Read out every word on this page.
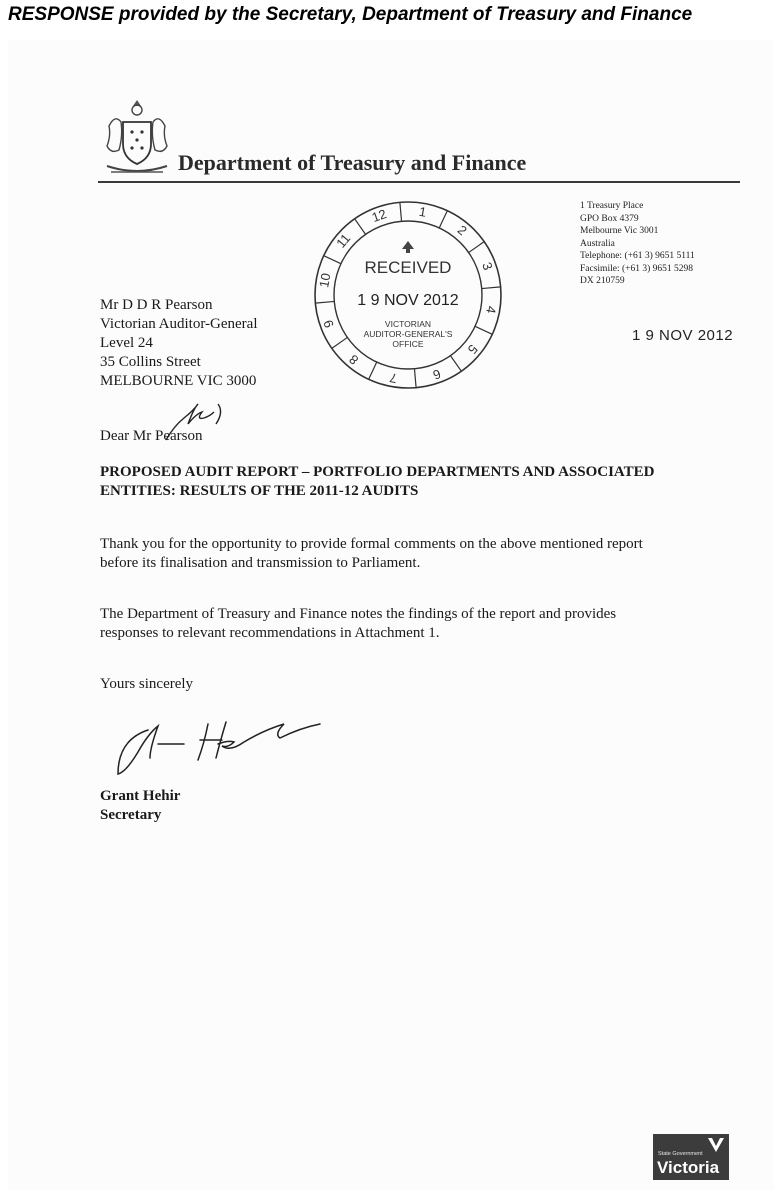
RESPONSE provided by the Secretary, Department of Treasury and Finance
Department of Treasury and Finance
1 Treasury Place
GPO Box 4379
Melbourne Vic 3001
Australia
Telephone: (+61 3) 9651 5111
Facsimile: (+61 3) 9651 5298
DX 210759
10
11
12 1
2
3
4
5
6
7
8
9
RECEIVED
1 9 NOV 2012
VICTORIAN
AUDITOR-GENERAL'S
OFFICE	1 9 NOV 2012
Mr D D R Pearson
Victorian Auditor-General
Level 24
35 Collins Street
MELBOURNE VIC 3000
Dear Mr Pearson
PROPOSED AUDIT REPORT – PORTFOLIO DEPARTMENTS AND ASSOCIATED
ENTITIES: RESULTS OF THE 2011-12 AUDITS
Thank you for the opportunity to provide formal comments on the above mentioned report
before its finalisation and transmission to Parliament.
The Department of Treasury and Finance notes the findings of the report and provides
responses to relevant recommendations in Attachment 1.
Yours sincerely
Grant Hehir
Secretary
State Government
Victoria
